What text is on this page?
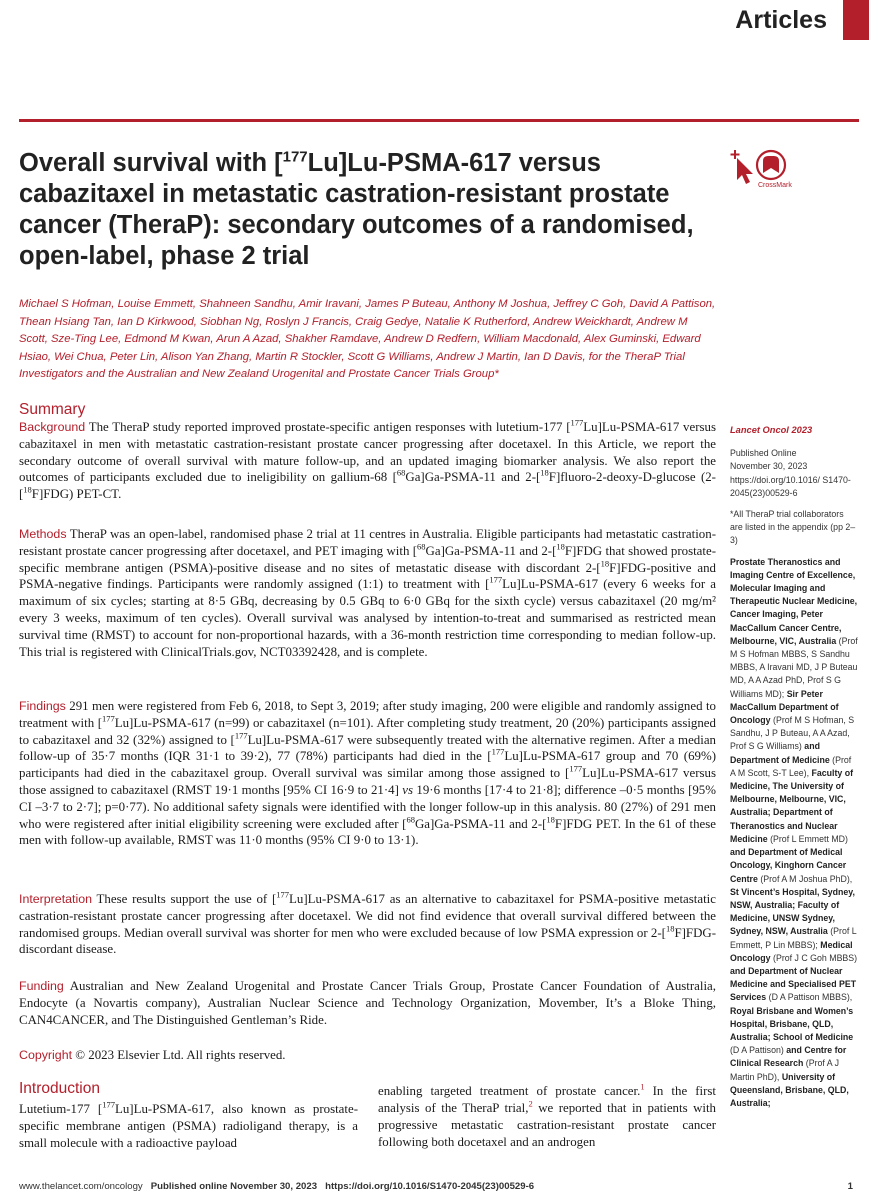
Articles
Overall survival with [$^{177}$Lu]Lu-PSMA-617 versus cabazitaxel in metastatic castration-resistant prostate cancer (TheraP): secondary outcomes of a randomised, open-label, phase 2 trial
CrossMark

Michael S Hofman, Louise Emmett, Shahneen Sandhu, Amir Iravani, James P Buteau, Anthony M Joshua, Jeffrey C Goh, David A Pattison, Thean Hsiang Tan, Ian D Kirkwood, Siobhan Ng, Roslyn J Francis, Craig Gedye, Natalie K Rutherford, Andrew Weickhardt, Andrew M Scott, Sze-Ting Lee, Edmond M Kwan, Arun A Azad, Shakher Ramdave, Andrew D Redfern, William Macdonald, Alex Guminski, Edward Hsiao, Wei Chua, Peter Lin, Alison Yan Zhang, Martin R Stockler, Scott G Williams, Andrew J Martin, Ian D Davis, for the TheraP Trial Investigators and the Australian and New Zealand Urogenital and Prostate Cancer Trials Group*

Summary

Background The TheraP study reported improved prostate-specific antigen responses with lutetium-177 [$^{177}$Lu]Lu-PSMA-617 versus cabazitaxel in men with metastatic castration-resistant prostate cancer progressing after docetaxel. In this Article, we report the secondary outcome of overall survival with mature follow-up, and an updated imaging biomarker analysis. We also report the outcomes of participants excluded due to ineligibility on gallium-68 [$^{68}$Ga]Ga-PSMA-11 and 2-[$^{18}$F]fluoro-2-deoxy-D-glucose (2-[$^{18}$F]FDG) PET-CT.

Methods TheraP was an open-label, randomised phase 2 trial at 11 centres in Australia. Eligible participants had metastatic castration-resistant prostate cancer progressing after docetaxel, and PET imaging with [$^{68}$Ga]Ga-PSMA-11 and 2-[$^{18}$F]FDG that showed prostate-specific membrane antigen (PSMA)-positive disease and no sites of metastatic disease with discordant 2-[$^{18}$F]FDG-positive and PSMA-negative findings. Participants were randomly assigned (1:1) to treatment with [$^{177}$Lu]Lu-PSMA-617 (every 6 weeks for a maximum of six cycles; starting at 8·5 GBq, decreasing by 0.5 GBq to 6·0 GBq for the sixth cycle) versus cabazitaxel (20 mg/m² every 3 weeks, maximum of ten cycles). Overall survival was analysed by intention-to-treat and summarised as restricted mean survival time (RMST) to account for non-proportional hazards, with a 36-month restriction time corresponding to median follow-up. This trial is registered with ClinicalTrials.gov, NCT03392428, and is complete.

Findings 291 men were registered from Feb 6, 2018, to Sept 3, 2019; after study imaging, 200 were eligible and randomly assigned to treatment with [$^{177}$Lu]Lu-PSMA-617 (n=99) or cabazitaxel (n=101). After completing study treatment, 20 (20%) participants assigned to cabazitaxel and 32 (32%) assigned to [$^{177}$Lu]Lu-PSMA-617 were subsequently treated with the alternative regimen. After a median follow-up of 35·7 months (IQR 31·1 to 39·2), 77 (78%) participants had died in the [$^{177}$Lu]Lu-PSMA-617 group and 70 (69%) participants had died in the cabazitaxel group. Overall survival was similar among those assigned to [$^{177}$Lu]Lu-PSMA-617 versus those assigned to cabazitaxel (RMST 19·1 months [95% CI 16·9 to 21·4] vs 19·6 months [17·4 to 21·8]; difference –0·5 months [95% CI –3·7 to 2·7]; p=0·77). No additional safety signals were identified with the longer follow-up in this analysis. 80 (27%) of 291 men who were registered after initial eligibility screening were excluded after [$^{68}$Ga]Ga-PSMA-11 and 2-[$^{18}$F]FDG PET. In the 61 of these men with follow-up available, RMST was 11·0 months (95% CI 9·0 to 13·1).

Interpretation These results support the use of [$^{177}$Lu]Lu-PSMA-617 as an alternative to cabazitaxel for PSMA-positive metastatic castration-resistant prostate cancer progressing after docetaxel. We did not find evidence that overall survival differed between the randomised groups. Median overall survival was shorter for men who were excluded because of low PSMA expression or 2-[$^{18}$F]FDG-discordant disease.

Funding Australian and New Zealand Urogenital and Prostate Cancer Trials Group, Prostate Cancer Foundation of Australia, Endocyte (a Novartis company), Australian Nuclear Science and Technology Organization, Movember, It’s a Bloke Thing, CAN4CANCER, and The Distinguished Gentleman’s Ride.

Copyright © 2023 Elsevier Ltd. All rights reserved.

Introduction

Lutetium-177 [$^{177}$Lu]Lu-PSMA-617, also known as prostate-specific membrane antigen (PSMA) radioligand therapy, is a small molecule with a radioactive payload

enabling targeted treatment of prostate cancer.$^1$ In the first analysis of the TheraP trial,$^2$ we reported that in patients with progressive metastatic castration-resistant prostate cancer following both docetaxel and an androgen

Lancet Oncol 2023

Published Online

November 30, 2023

https://doi.org/10.1016/ S1470-2045(23)00529-6

*All TheraP trial collaborators are listed in the appendix (pp 2–3)

Prostate Theranostics and Imaging Centre of Excellence, Molecular Imaging and Therapeutic Nuclear Medicine, Cancer Imaging, Peter MacCallum Cancer Centre, Melbourne, VIC, Australia (Prof M S Hofman MBBS, S Sandhu MBBS, A Iravani MD, J P Buteau MD, A A Azad PhD, Prof S G Williams MD); Sir Peter MacCallum Department of Oncology (Prof M S Hofman, S Sandhu, J P Buteau, A A Azad, Prof S G Williams) and Department of Medicine (Prof A M Scott, S-T Lee), Faculty of Medicine, The University of Melbourne, Melbourne, VIC, Australia; Department of Theranostics and Nuclear Medicine (Prof L Emmett MD) and Department of Medical Oncology, Kinghorn Cancer Centre (Prof A M Joshua PhD), St Vincent’s Hospital, Sydney, NSW, Australia; Faculty of Medicine, UNSW Sydney, Sydney, NSW, Australia (Prof L Emmett, P Lin MBBS); Medical Oncology (Prof J C Goh MBBS) and Department of Nuclear Medicine and Specialised PET Services (D A Pattison MBBS), Royal Brisbane and Women’s Hospital, Brisbane, QLD, Australia; School of Medicine (D A Pattison) and Centre for Clinical Research (Prof A J Martin PhD), University of Queensland, Brisbane, QLD, Australia;

www.thelancet.com/oncology Published online November 30, 2023 https://doi.org/10.1016/S1470-2045(23)00529-6	1
